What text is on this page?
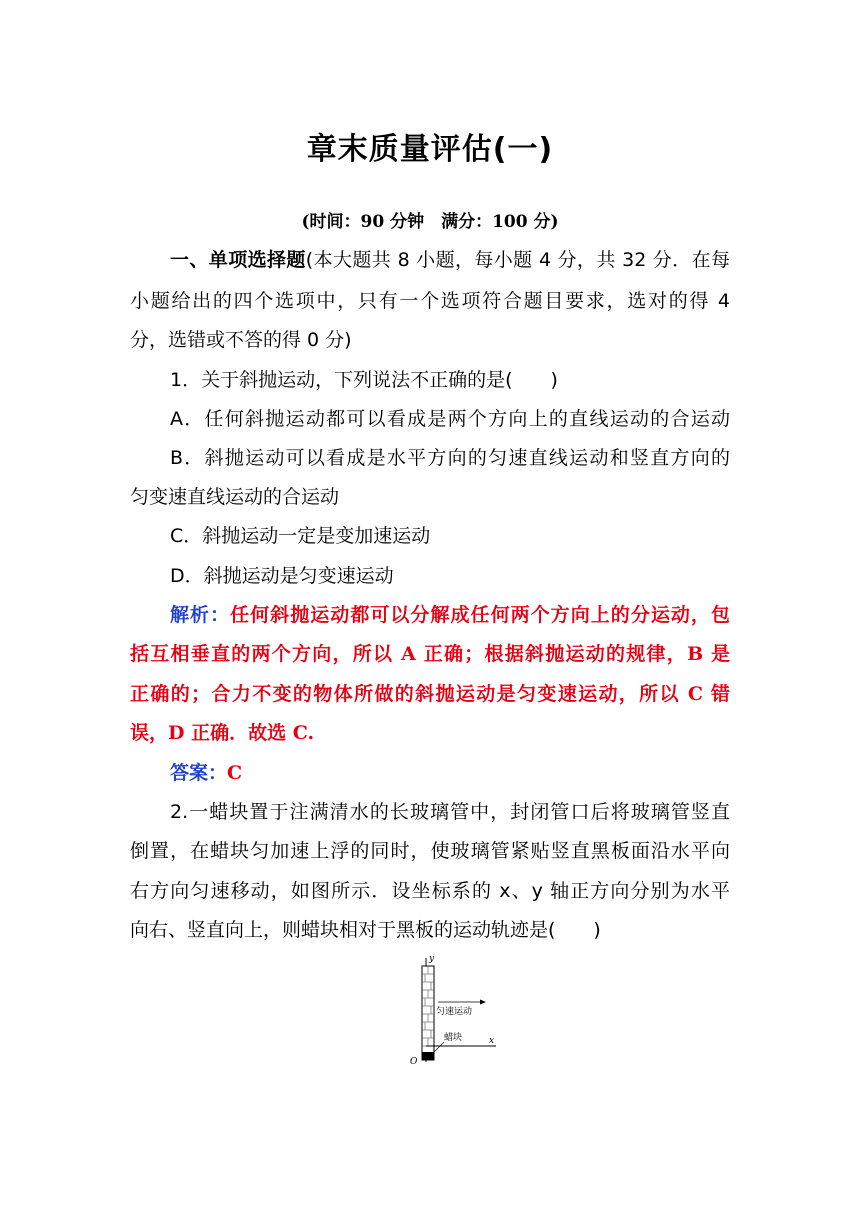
章末质量评估(一)
(时间：90 分钟　满分：100 分)
一、单项选择题(本大题共 8 小题，每小题 4 分，共 32 分．在每
小题给出的四个选项中，只有一个选项符合题目要求，选对的得 4
分，选错或不答的得 0 分)
1．关于斜抛运动，下列说法不正确的是(　　)
A．任何斜抛运动都可以看成是两个方向上的直线运动的合运动
B．斜抛运动可以看成是水平方向的匀速直线运动和竖直方向的
匀变速直线运动的合运动
C．斜抛运动一定是变加速运动
D．斜抛运动是匀变速运动
解析：任何斜抛运动都可以分解成任何两个方向上的分运动，包
括互相垂直的两个方向，所以 A 正确；根据斜抛运动的规律，B 是
正确的；合力不变的物体所做的斜抛运动是匀变速运动，所以 C 错
误，D 正确．故选 C.
答案：C
2.一蜡块置于注满清水的长玻璃管中，封闭管口后将玻璃管竖直
倒置，在蜡块匀加速上浮的同时，使玻璃管紧贴竖直黑板面沿水平向
右方向匀速移动，如图所示．设坐标系的 x、y 轴正方向分别为水平
向右、竖直向上，则蜡块相对于黑板的运动轨迹是(　　)
y
x
O
匀速运动
蜡块
